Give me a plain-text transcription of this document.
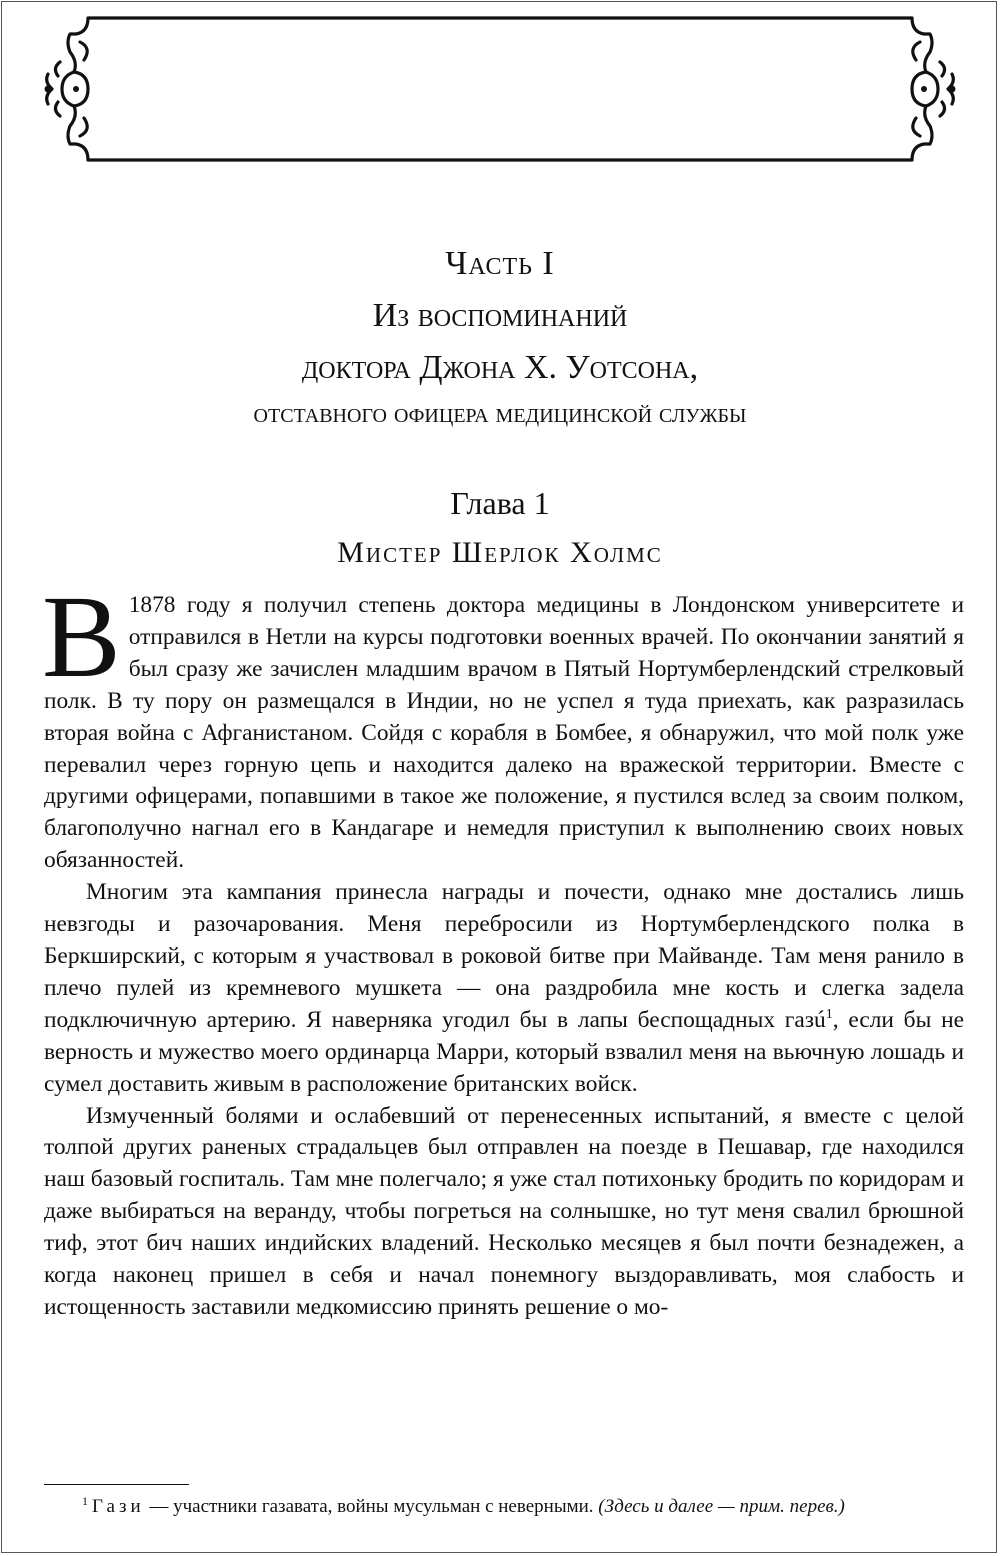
Часть I
Из воспоминаний
доктора Джона Х. Уотсона,
отставного офицера медицинской службы
Глава 1
Мистер Шерлок Холмс

В 1878 году я получил степень доктора медицины в Лондонском университете и отправился в Нетли на курсы подготовки военных врачей. По окончании занятий я был сразу же зачислен младшим врачом в Пятый Нортумберлендский стрелковый полк. В ту пору он размещался в Индии, но не успел я туда приехать, как разразилась вторая война с Афганистаном. Сойдя с корабля в Бомбее, я обнаружил, что мой полк уже перевалил через горную цепь и находится далеко на вражеской территории. Вместе с другими офицерами, попавшими в такое же положение, я пустился вслед за своим полком, благополучно нагнал его в Кандагаре и немедля приступил к выполнению своих новых обязанностей.

Многим эта кампания принесла награды и почести, однако мне достались лишь невзгоды и разочарования. Меня перебросили из Нортумберлендского полка в Беркширский, с которым я участвовал в роковой битве при Майванде. Там меня ранило в плечо пулей из кремневого мушкета — она раздробила мне кость и слегка задела подключичную артерию. Я наверняка угодил бы в лапы беспощадных газú$^1$, если бы не верность и мужество моего ординарца Марри, который взвалил меня на вьючную лошадь и сумел доставить живым в расположение британских войск.

Измученный болями и ослабевший от перенесенных испытаний, я вместе с целой толпой других раненых страдальцев был отправлен на поезде в Пешавар, где находился наш базовый госпиталь. Там мне полегчало; я уже стал потихоньку бродить по коридорам и даже выбираться на веранду, чтобы погреться на солнышке, но тут меня свалил брюшной тиф, этот бич наших индийских владений. Несколько месяцев я был почти безнадежен, а когда наконец пришел в себя и начал понемногу выздоравливать, моя слабость и истощенность заставили медкомиссию принять решение о мо-

$^1$ Гази — участники газавата, войны мусульман с неверными. (Здесь и далее — прим. перев.)
